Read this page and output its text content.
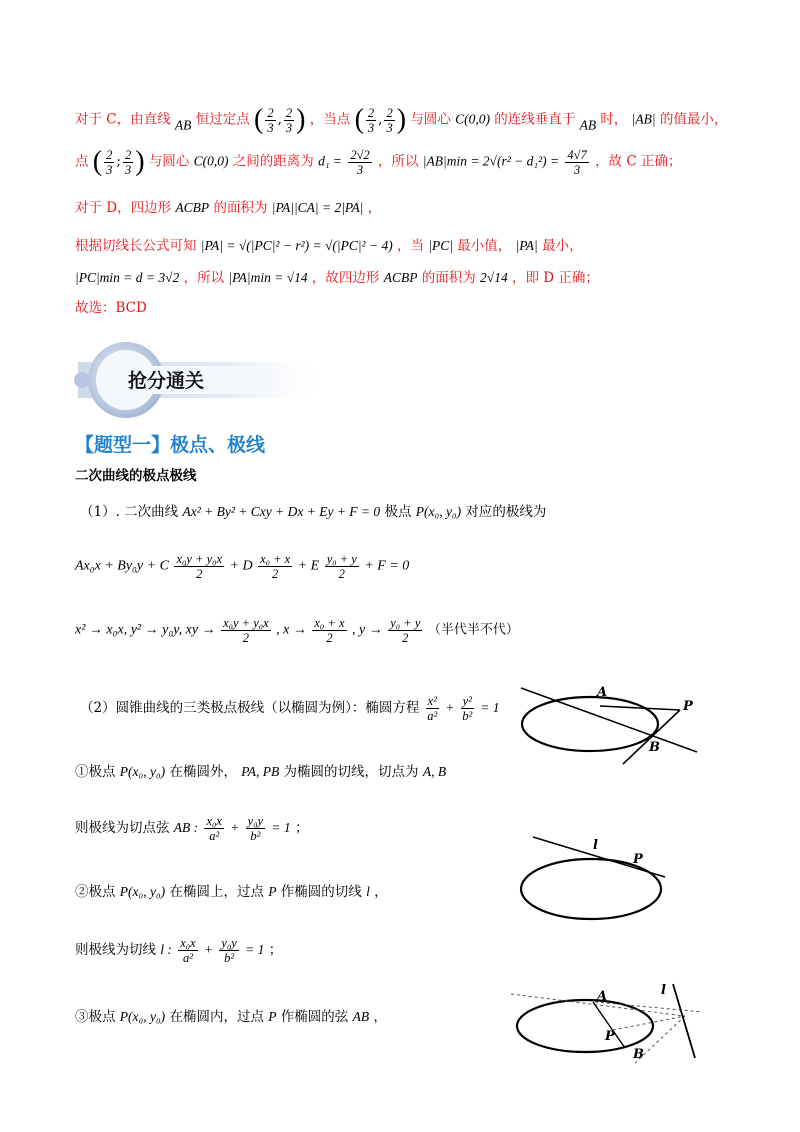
对于 C，由直线 AB 恒过定点 ( $\frac{2}{3}$ , $\frac{2}{3}$ ) ，当点 ( $\frac{2}{3}$ , $\frac{2}{3}$ ) 与圆心 C(0,0) 的连线垂直于 AB 时， |AB| 的值最小，
点 ( $\frac{2}{3}$ ; $\frac{2}{3}$ ) 与圆心 C(0,0) 之间的距离为 $d_1 = \frac{2√2}{3}$ ，所以 $|AB|\min = 2√(r^2 - d_1^2) = \frac{4√7}{3}$ ，故 C 正确；
对于 D，四边形 ACBP 的面积为 |PA||CA| = 2|PA| ，
根据切线长公式可知 |PA| = √(|PC|² − r²) = √(|PC|² − 4) ，当 |PC| 最小值， |PA| 最小，
|PC|min = d = 3√2 ，所以 |PA|min = √14 ，故四边形 ACBP 的面积为 2√14 ，即 D 正确；
故选：BCD
抢分通关
【题型一】极点、极线
二次曲线的极点极线
（1）. 二次曲线 Ax² + By² + Cxy + Dx + Ey + F = 0 极点 P(x₀, y₀) 对应的极线为
Ax₀x + By₀y + C $\frac{\text{x₀y + y₀x}}{2} + D \frac{\text{x₀ + x}}{2} + E \frac{\text{y₀ + y}}{2} + F = 0$
x² → x₀x, y² → y₀y, xy → $\frac{\text{x₀y + y₀x}}{2}$ , $x \to \frac{\text{x₀ + x}}{2}$ , $y \to \frac{\text{y₀ + y}}{2}$ （半代半不代）
（2）圆锥曲线的三类极点极线（以椭圆为例）：椭圆方程 $\frac{\text{x²}}{\text{a²}} + \frac{\text{y²}}{\text{b²}} = 1$
①极点 P(x₀, y₀) 在椭圆外， PA, PB 为椭圆的切线，切点为 A, B
则极线为切点弦 AB : $\frac{\text{x₀x}}{\text{a²}} + \frac{\text{y₀y}}{\text{b²}} = 1$ ；
②极点 P(x₀, y₀) 在椭圆上，过点 P 作椭圆的切线 l ，
则极线为切线 l : $\frac{\text{x₀x}}{\text{a²}} + \frac{\text{y₀y}}{\text{b²}} = 1$ ；
③极点 P(x₀, y₀) 在椭圆内，过点 P 作椭圆的弦 AB ，
A
P
B
l
P
A
P
B
l
